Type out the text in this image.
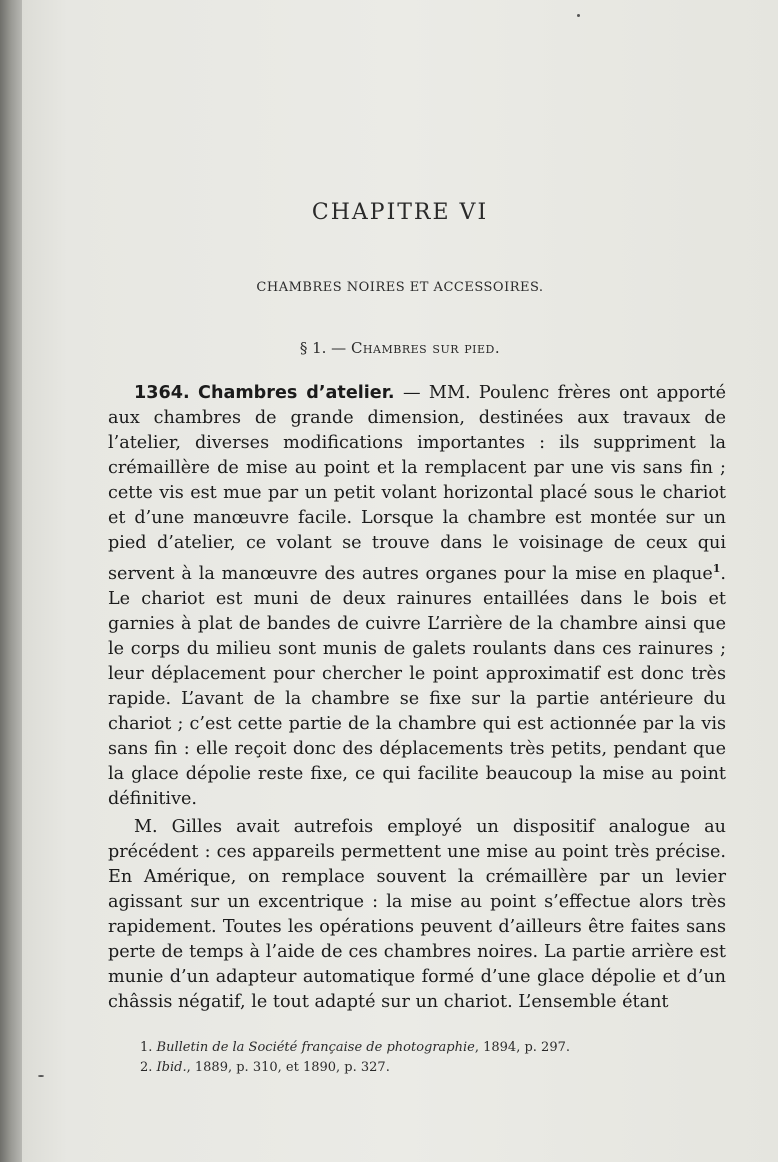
CHAPITRE VI
CHAMBRES NOIRES ET ACCESSOIRES.
§ 1. — Chambres sur pied.

1364. Chambres d’atelier. — MM. Poulenc frères ont apporté aux chambres de grande dimension, destinées aux travaux de l’atelier, diverses modifications importantes : ils suppriment la crémaillère de mise au point et la remplacent par une vis sans fin ; cette vis est mue par un petit volant horizontal placé sous le chariot et d’une manœuvre facile. Lorsque la chambre est montée sur un pied d’atelier, ce volant se trouve dans le voisinage de ceux qui servent à la manœuvre des autres organes pour la mise en plaque$^1$. Le chariot est muni de deux rainures entaillées dans le bois et garnies à plat de bandes de cuivre L’arrière de la chambre ainsi que le corps du milieu sont munis de galets roulants dans ces rainures ; leur déplacement pour chercher le point approximatif est donc très rapide. L’avant de la chambre se fixe sur la partie antérieure du chariot ; c’est cette partie de la chambre qui est actionnée par la vis sans fin : elle reçoit donc des déplacements très petits, pendant que la glace dépolie reste fixe, ce qui facilite beaucoup la mise au point définitive.

M. Gilles avait autrefois employé un dispositif analogue au précédent : ces appareils permettent une mise au point très précise. En Amérique, on remplace souvent la crémaillère par un levier agissant sur un excentrique : la mise au point s’effectue alors très rapidement. Toutes les opérations peuvent d’ailleurs être faites sans perte de temps à l’aide de ces chambres noires. La partie arrière est munie d’un adapteur automatique formé d’une glace dépolie et d’un châssis négatif, le tout adapté sur un chariot. L’ensemble étant

1. Bulletin de la Société française de photographie, 1894, p. 297.
2. Ibid., 1889, p. 310, et 1890, p. 327.
